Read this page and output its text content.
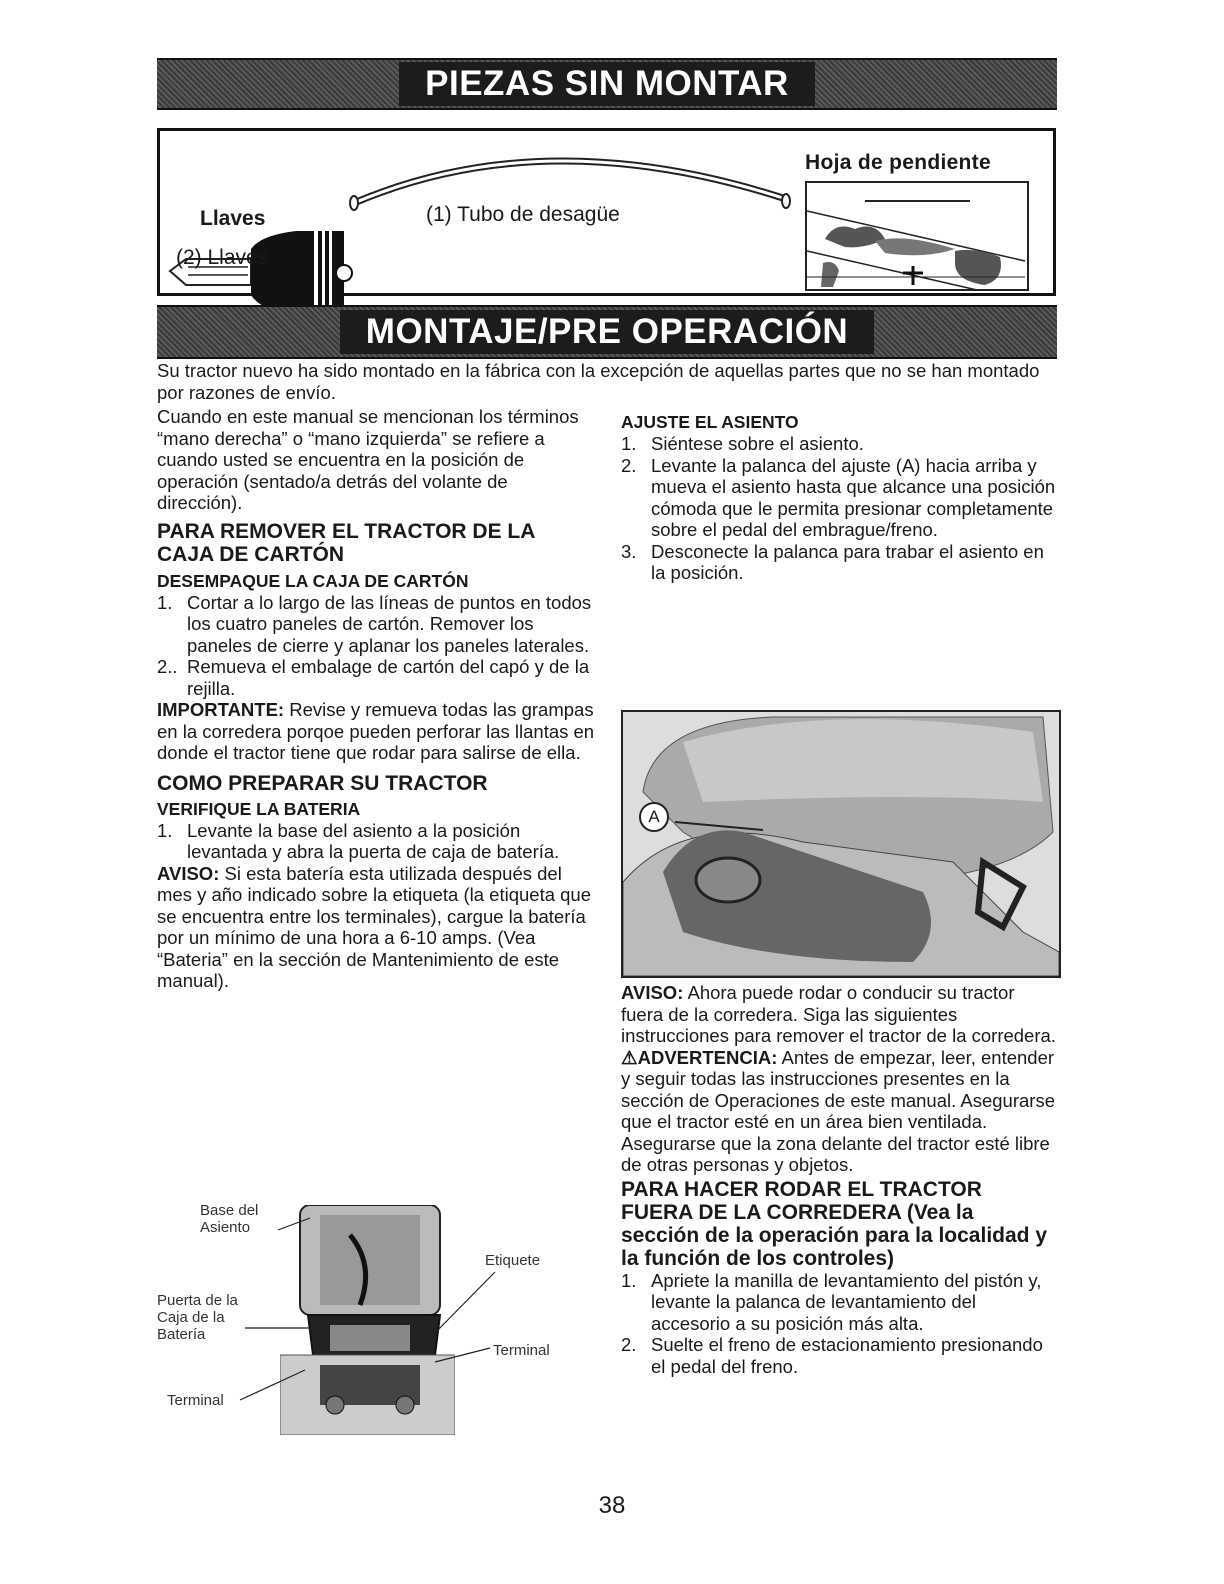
PIEZAS SIN MONTAR
Llaves
(2) Llaves
(1) Tubo de desagüe
Hoja de pendiente
MONTAJE/PRE OPERACIÓN
Su tractor nuevo ha sido montado en la fábrica con la excepción de aquellas partes que no se han montado por razones de envío.
Cuando en este manual se mencionan los términos “mano derecha” o “mano izquierda” se refiere a cuando usted se encuentra en la posición de operación (sentado/a detrás del volante de dirección).
PARA REMOVER EL TRACTOR DE LA CAJA DE CARTÓN
DESEMPAQUE LA CAJA DE CARTÓN
1. Cortar a lo largo de las líneas de puntos en todos los cuatro paneles de cartón. Remover los paneles de cierre y aplanar los paneles laterales.
2.. Remueva el embalage de cartón del capó y de la rejilla.
IMPORTANTE: Revise y remueva todas las grampas en la corredera porqoe pueden perforar las llantas en donde el tractor tiene que rodar para salirse de ella.
COMO PREPARAR SU TRACTOR
VERIFIQUE LA BATERIA
1. Levante la base del asiento a la posición levantada y abra la puerta de caja de batería.
AVISO: Si esta batería esta utilizada después del mes y año indicado sobre la etiqueta (la etiqueta que se encuentra entre los terminales), cargue la batería por un mínimo de una hora a 6-10 amps. (Vea “Bateria” en la sección de Mantenimiento de este manual).
Base del Asiento
Puerta de la Caja de la Batería
Terminal
Etiquete
Terminal
AJUSTE EL ASIENTO
1. Siéntese sobre el asiento.
2. Levante la palanca del ajuste (A) hacia arriba y mueva el asiento hasta que alcance una posición cómoda que le permita presionar completamente sobre el pedal del embrague/freno.
3. Desconecte la palanca para trabar el asiento en la posición.
A
AVISO: Ahora puede rodar o conducir su tractor fuera de la corredera. Siga las siguientes instrucciones para remover el tractor de la corredera.
⚠ADVERTENCIA: Antes de empezar, leer, entender y seguir todas las instrucciones presentes en la sección de Operaciones de este manual. Asegurarse que el tractor esté en un área bien ventilada. Asegurarse que la zona delante del tractor esté libre de otras personas y objetos.
PARA HACER RODAR EL TRACTOR FUERA DE LA CORREDERA (Vea la sección de la operación para la localidad y la función de los controles)
1. Apriete la manilla de levantamiento del pistón y, levante la palanca de levantamiento del accesorio a su posición más alta.
2. Suelte el freno de estacionamiento presionando el pedal del freno.
38
